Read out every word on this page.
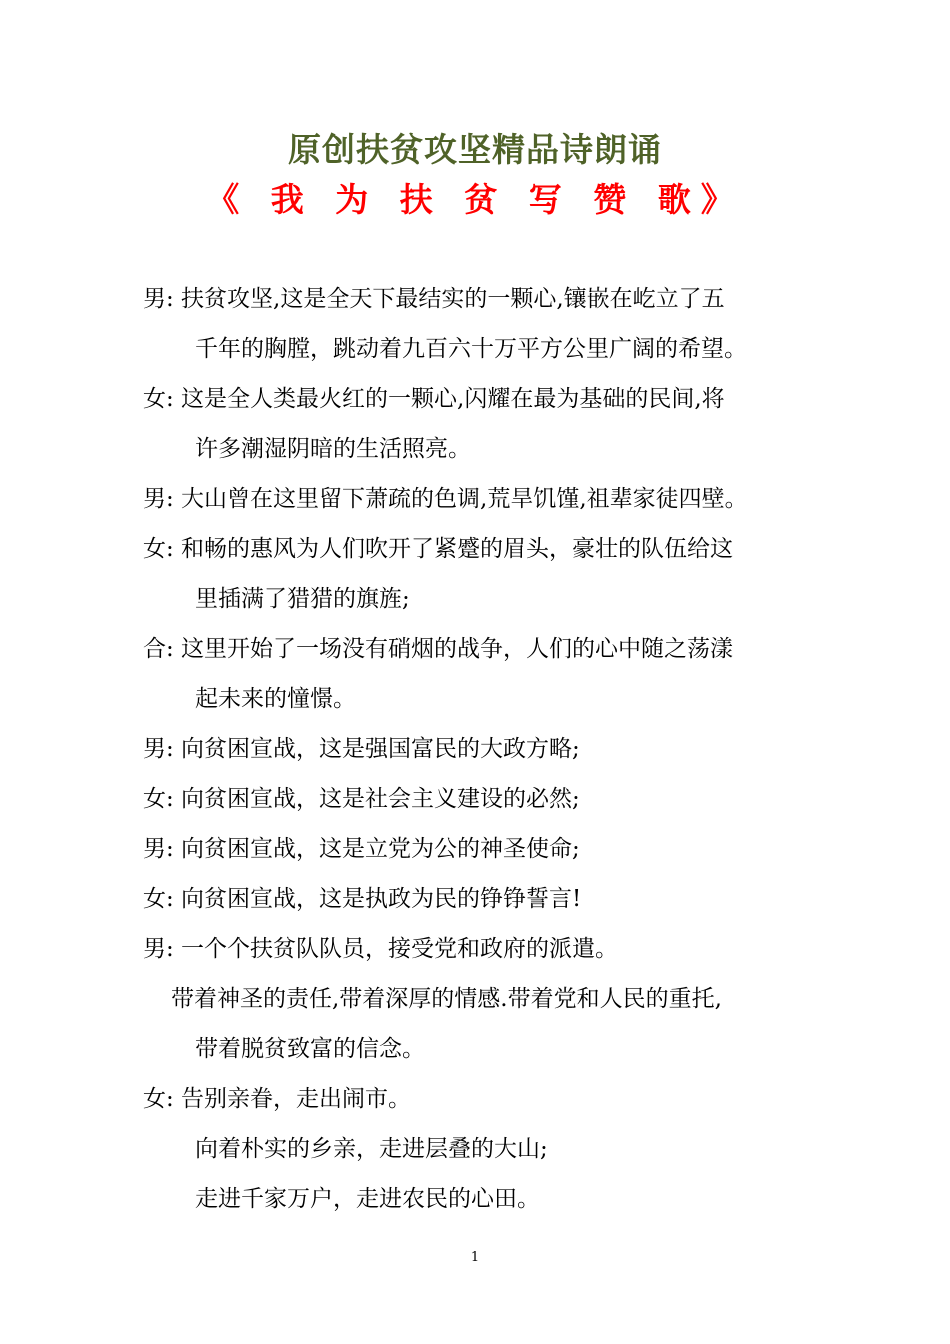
原创扶贫攻坚精品诗朗诵
《 我 为 扶 贫 写 赞 歌》
男: 扶贫攻坚,这是全天下最结实的一颗心,镶嵌在屹立了五
千年的胸膛，跳动着九百六十万平方公里广阔的希望。
女: 这是全人类最火红的一颗心,闪耀在最为基础的民间,将
许多潮湿阴暗的生活照亮。
男: 大山曾在这里留下萧疏的色调,荒旱饥馑,祖辈家徒四壁。
女: 和畅的惠风为人们吹开了紧蹙的眉头，豪壮的队伍给这
里插满了猎猎的旗旌;
合: 这里开始了一场没有硝烟的战争，人们的心中随之荡漾
起未来的憧憬。
男: 向贫困宣战，这是强国富民的大政方略;
女: 向贫困宣战，这是社会主义建设的必然;
男: 向贫困宣战，这是立党为公的神圣使命;
女: 向贫困宣战，这是执政为民的铮铮誓言!
男: 一个个扶贫队队员，接受党和政府的派遣。
带着神圣的责任,带着深厚的情感.带着党和人民的重托,
带着脱贫致富的信念。
女: 告别亲眷，走出闹市。
向着朴实的乡亲，走进层叠的大山;
走进千家万户，走进农民的心田。
1
